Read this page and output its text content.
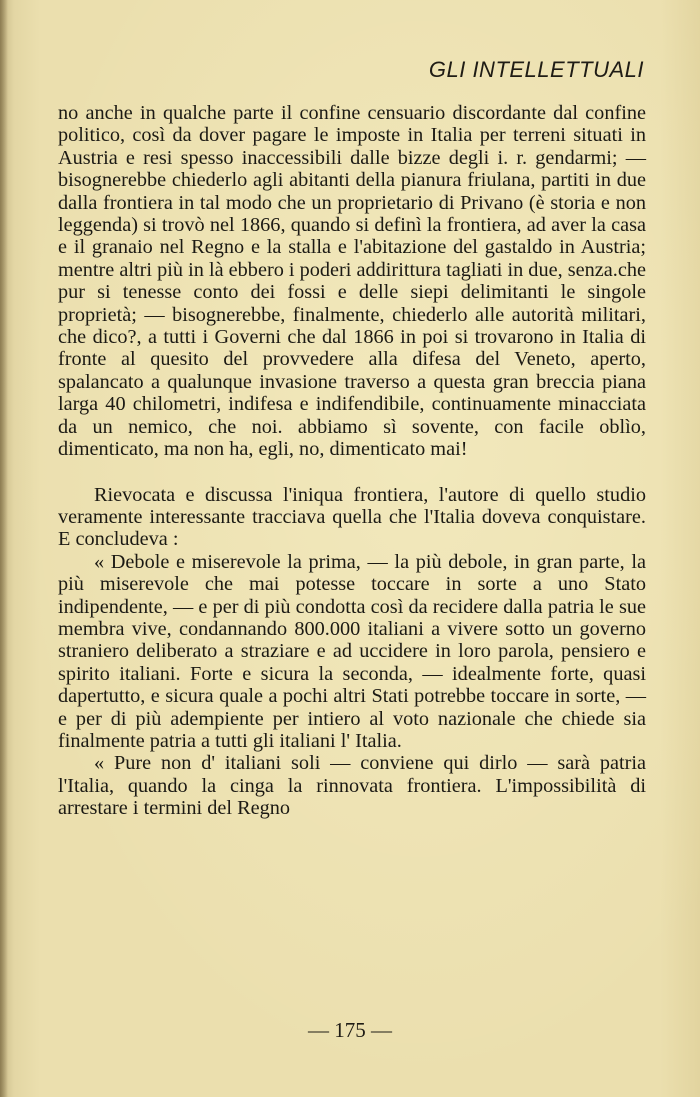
GLI INTELLETTUALI

no anche in qualche parte il confine censuario discordante dal confine politico, così da dover pagare le imposte in Italia per terreni situati in Austria e resi spesso inaccessibili dalle bizze degli i. r. gendarmi; — bisognerebbe chiederlo agli abitanti della pianura friulana, partiti in due dalla frontiera in tal modo che un proprietario di Privano (è storia e non leggenda) si trovò nel 1866, quando si definì la frontiera, ad aver la casa e il granaio nel Regno e la stalla e l'abitazione del gastaldo in Austria; mentre altri più in là ebbero i poderi addirittura tagliati in due, senza.che pur si tenesse conto dei fossi e delle siepi delimitanti le singole proprietà; — bisognerebbe, finalmente, chiederlo alle autorità militari, che dico?, a tutti i Governi che dal 1866 in poi si trovarono in Italia di fronte al quesito del provvedere alla difesa del Veneto, aperto, spalancato a qualunque invasione traverso a questa gran breccia piana larga 40 chilometri, indifesa e indifendibile, continuamente minacciata da un nemico, che noi. abbiamo sì sovente, con facile oblìo, dimenticato, ma non ha, egli, no, dimenticato mai!

Rievocata e discussa l'iniqua frontiera, l'autore di quello studio veramente interessante tracciava quella che l'Italia doveva conquistare. E concludeva :

« Debole e miserevole la prima, — la più debole, in gran parte, la più miserevole che mai potesse toccare in sorte a uno Stato indipendente, — e per di più condotta così da recidere dalla patria le sue membra vive, condannando 800.000 italiani a vivere sotto un governo straniero deliberato a straziare e ad uccidere in loro parola, pensiero e spirito italiani. Forte e sicura la seconda, — idealmente forte, quasi dapertutto, e sicura quale a pochi altri Stati potrebbe toccare in sorte, — e per di più adempiente per intiero al voto nazionale che chiede sia finalmente patria a tutti gli italiani l' Italia.

« Pure non d' italiani soli — conviene qui dirlo — sarà patria l'Italia, quando la cinga la rinnovata frontiera. L'impossibilità di arrestare i termini del Regno

— 175 —
